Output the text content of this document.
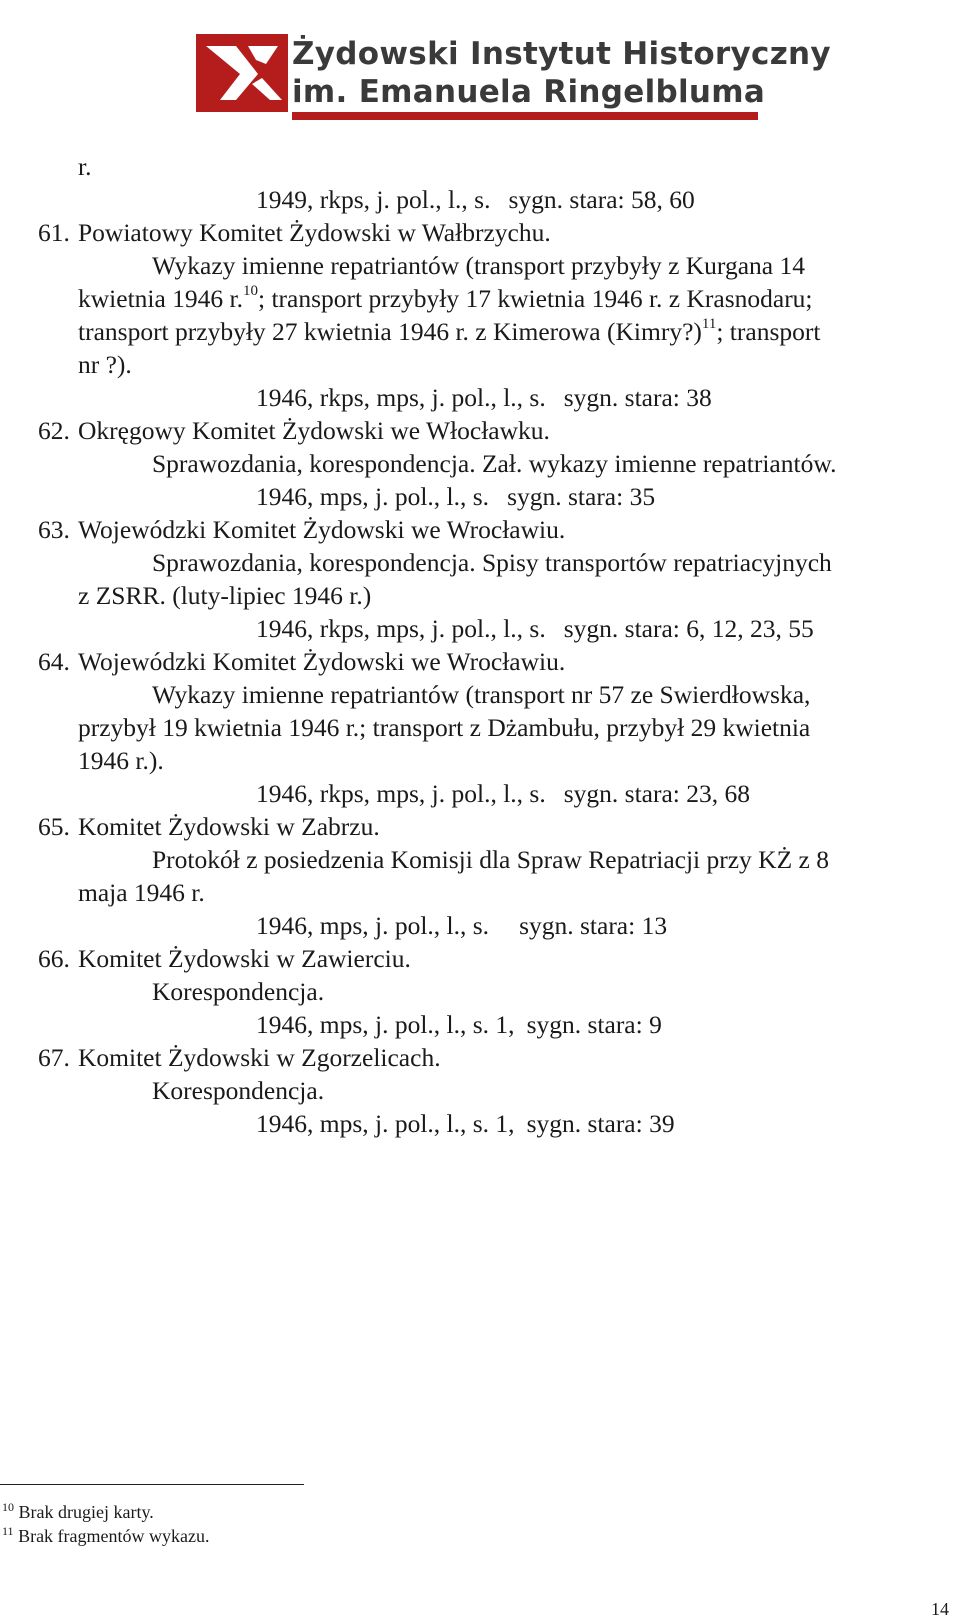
Żydowski Instytut Historyczny
im. Emanuela Ringelbluma
r.
1949, rkps, j. pol., l., s. sygn. stara: 58, 60
61. Powiatowy Komitet Żydowski w Wałbrzychu.
Wykazy imienne repatriantów (transport przybyły z Kurgana 14
kwietnia 1946 r.$^{10}$; transport przybyły 17 kwietnia 1946 r. z Krasnodaru;
transport przybyły 27 kwietnia 1946 r. z Kimerowa (Kimry?)$^{11}$; transport
nr ?).
1946, rkps, mps, j. pol., l., s. sygn. stara: 38
62. Okręgowy Komitet Żydowski we Włocławku.
Sprawozdania, korespondencja. Zał. wykazy imienne repatriantów.
1946, mps, j. pol., l., s. sygn. stara: 35
63. Wojewódzki Komitet Żydowski we Wrocławiu.
Sprawozdania, korespondencja. Spisy transportów repatriacyjnych
z ZSRR. (luty-lipiec 1946 r.)
1946, rkps, mps, j. pol., l., s. sygn. stara: 6, 12, 23, 55
64. Wojewódzki Komitet Żydowski we Wrocławiu.
Wykazy imienne repatriantów (transport nr 57 ze Swierdłowska,
przybył 19 kwietnia 1946 r.; transport z Dżambułu, przybył 29 kwietnia
1946 r.).
1946, rkps, mps, j. pol., l., s. sygn. stara: 23, 68
65. Komitet Żydowski w Zabrzu.
Protokół z posiedzenia Komisji dla Spraw Repatriacji przy KŻ z 8
maja 1946 r.
1946, mps, j. pol., l., s. sygn. stara: 13
66. Komitet Żydowski w Zawierciu.
Korespondencja.
1946, mps, j. pol., l., s. 1, sygn. stara: 9
67. Komitet Żydowski w Zgorzelicach.
Korespondencja.
1946, mps, j. pol., l., s. 1, sygn. stara: 39
$^{10}$ Brak drugiej karty.
$^{11}$ Brak fragmentów wykazu.
14
